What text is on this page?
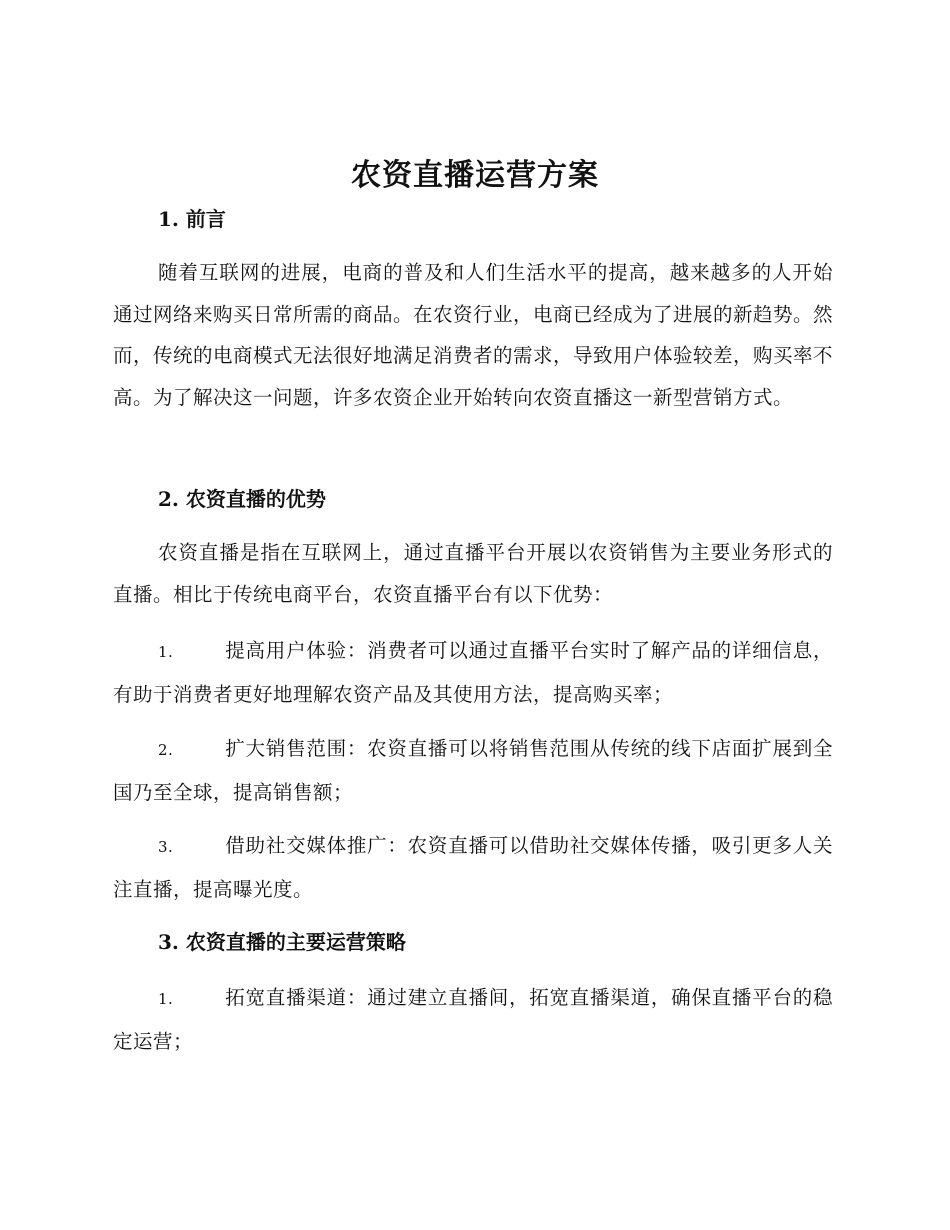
农资直播运营方案
1. 前言
随着互联网的进展，电商的普及和人们生活水平的提高，越来越多的人开始通过网络来购买日常所需的商品。在农资行业，电商已经成为了进展的新趋势。然而，传统的电商模式无法很好地满足消费者的需求，导致用户体验较差，购买率不高。为了解决这一问题，许多农资企业开始转向农资直播这一新型营销方式。
2. 农资直播的优势
农资直播是指在互联网上，通过直播平台开展以农资销售为主要业务形式的直播。相比于传统电商平台，农资直播平台有以下优势：
1.	提高用户体验：消费者可以通过直播平台实时了解产品的详细信息，有助于消费者更好地理解农资产品及其使用方法，提高购买率；
2.	扩大销售范围：农资直播可以将销售范围从传统的线下店面扩展到全国乃至全球，提高销售额；
3.	借助社交媒体推广：农资直播可以借助社交媒体传播，吸引更多人关注直播，提高曝光度。
3. 农资直播的主要运营策略
1.	拓宽直播渠道：通过建立直播间，拓宽直播渠道，确保直播平台的稳定运营；
